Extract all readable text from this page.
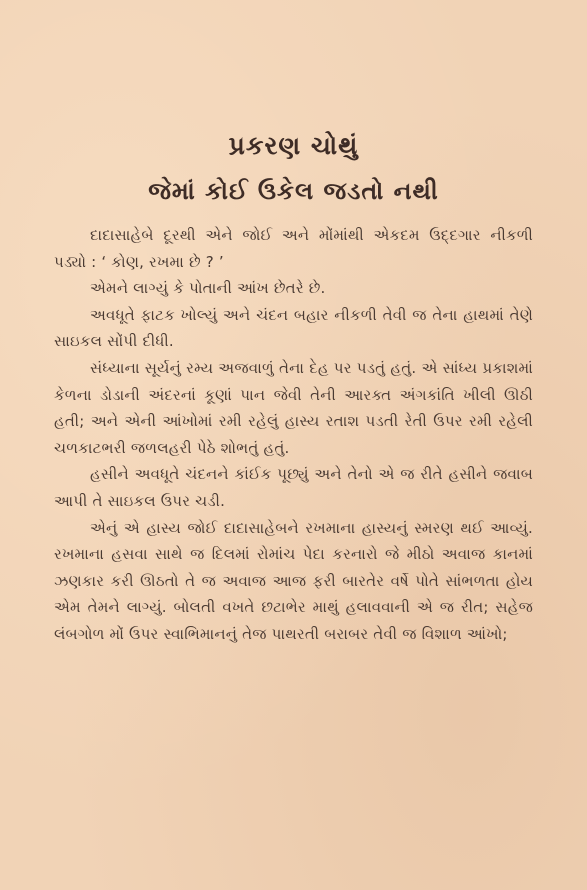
પ્રકરણ ચોથું
જેમાં કોઈ ઉકેલ જડતો નથી

દાદાસાહેબે દૂરથી એને જોઈ અને મોંમાંથી એકદમ ઉદ્દગાર નીકળી પડ્યો : ‘ કોણ, રખમા છે ? ’

એમને લાગ્યું કે પોતાની આંખ છેતરે છે.

અવધૂતે ફાટક ખોલ્યું અને ચંદન બહાર નીકળી તેવી જ તેના હાથમાં તેણે સાઇકલ સોંપી દીધી.

સંધ્યાના સૂર્યનું રમ્ય અજવાળું તેના દેહ પર પડતું હતું. એ સાંધ્ય પ્રકાશમાં કેળના ડોડાની અંદરનાં કૂણાં પાન જેવી તેની આરક્ત અંગકાંતિ ખીલી ઊઠી હતી; અને એની આંખોમાં રમી રહેલું હાસ્ય રતાશ પડતી રેતી ઉપર રમી રહેલી ચળકાટભરી જળલહરી પેઠે શોભતું હતું.

હસીને અવધૂતે ચંદનને કાંઈક પૂછ્યું અને તેનો એ જ રીતે હસીને જવાબ આપી તે સાઇકલ ઉપર ચડી.

એનું એ હાસ્ય જોઈ દાદાસાહેબને રખમાના હાસ્યનું સ્મરણ થઈ આવ્યું. રખમાના હસવા સાથે જ દિલમાં રોમાંચ પેદા કરનારો જે મીઠો અવાજ કાનમાં ઝણકાર કરી ઊઠતો તે જ અવાજ આજ ફરી બારતેર વર્ષે પોતે સાંભળતા હોય એમ તેમને લાગ્યું. બોલતી વખતે છટાભેર માથું હલાવવાની એ જ રીત; સહેજ લંબગોળ મોં ઉપર સ્વાભિમાનનું તેજ પાથરતી બરાબર તેવી જ વિશાળ આંખો;
